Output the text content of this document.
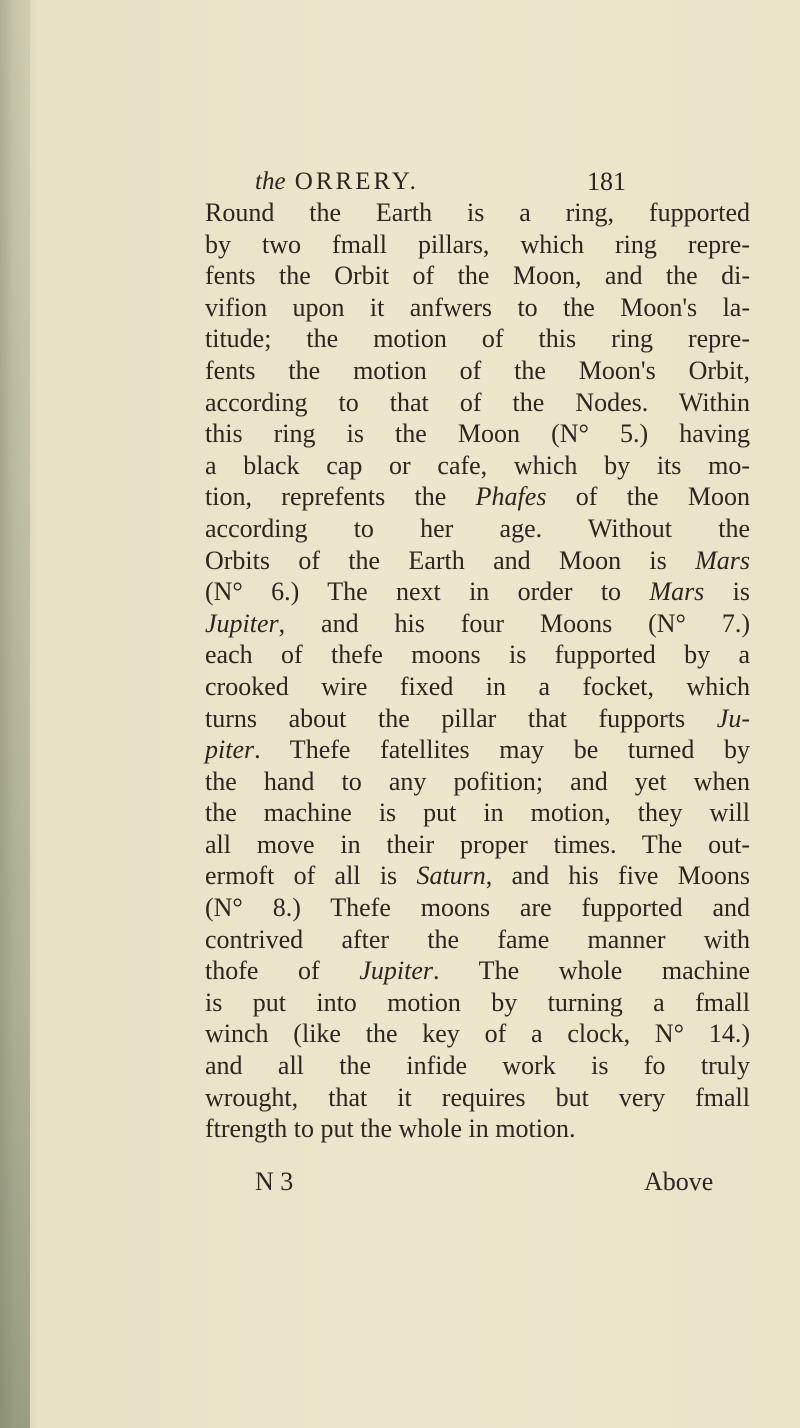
the ORRERY.	181
Round the Earth is a ring, fupported
by two fmall pillars, which ring repre-
fents the Orbit of the Moon, and the di-
vifion upon it anfwers to the Moon's la-
titude; the motion of this ring repre-
fents the motion of the Moon's Orbit,
according to that of the Nodes. Within
this ring is the Moon (N° 5.) having
a black cap or cafe, which by its mo-
tion, reprefents the Phafes of the Moon
according to her age. Without the
Orbits of the Earth and Moon is Mars
(N° 6.) The next in order to Mars is
Jupiter, and his four Moons (N° 7.)
each of thefe moons is fupported by a
crooked wire fixed in a focket, which
turns about the pillar that fupports Ju-
piter. Thefe fatellites may be turned by
the hand to any pofition; and yet when
the machine is put in motion, they will
all move in their proper times. The out-
ermoft of all is Saturn, and his five Moons
(N° 8.) Thefe moons are fupported and
contrived after the fame manner with
thofe of Jupiter. The whole machine
is put into motion by turning a fmall
winch (like the key of a clock, N° 14.)
and all the infide work is fo truly
wrought, that it requires but very fmall
ftrength to put the whole in motion.
N 3	Above
